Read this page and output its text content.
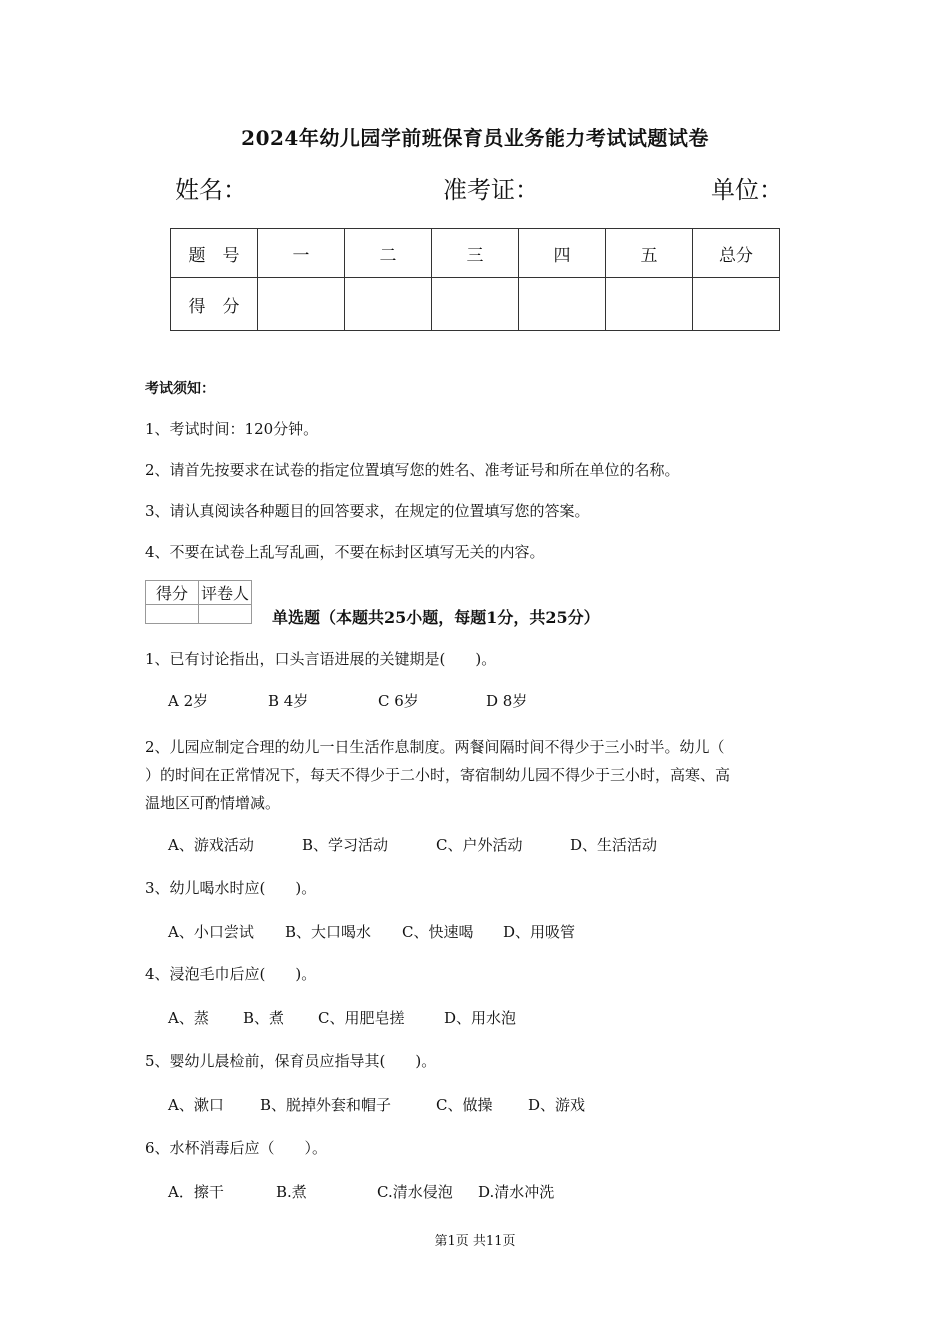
2024年幼儿园学前班保育员业务能力考试试题试卷
姓名：	准考证：	单位：
题　号	一	二	三	四	五	总分
得　分						
考试须知：
1、考试时间：120分钟。
2、请首先按要求在试卷的指定位置填写您的姓名、准考证号和所在单位的名称。
3、请认真阅读各种题目的回答要求，在规定的位置填写您的答案。
4、不要在试卷上乱写乱画，不要在标封区填写无关的内容。
得分	评卷人

单选题（本题共25小题，每题1分，共25分）
1、已有讨论指出，口头言语进展的关键期是(　　)。
A 2岁	B 4岁	C 6岁	D 8岁
2、儿园应制定合理的幼儿一日生活作息制度。两餐间隔时间不得少于三小时半。幼儿（
）的时间在正常情况下，每天不得少于二小时，寄宿制幼儿园不得少于三小时，高寒、高
温地区可酌情增减。
A、游戏活动	B、学习活动	C、户外活动	D、生活活动
3、幼儿喝水时应(　　)。
A、小口尝试 B、大口喝水 C、快速喝 D、用吸管
4、浸泡毛巾后应(　　)。
A、蒸 B、煮 C、用肥皂搓	D、用水泡
5、婴幼儿晨检前，保育员应指导其(　　)。
A、漱口 B、脱掉外套和帽子	C、做操 D、游戏
6、水杯消毒后应（　　）。
A．擦干	B.煮	C.清水侵泡 D.清水冲洗
第1页 共11页
